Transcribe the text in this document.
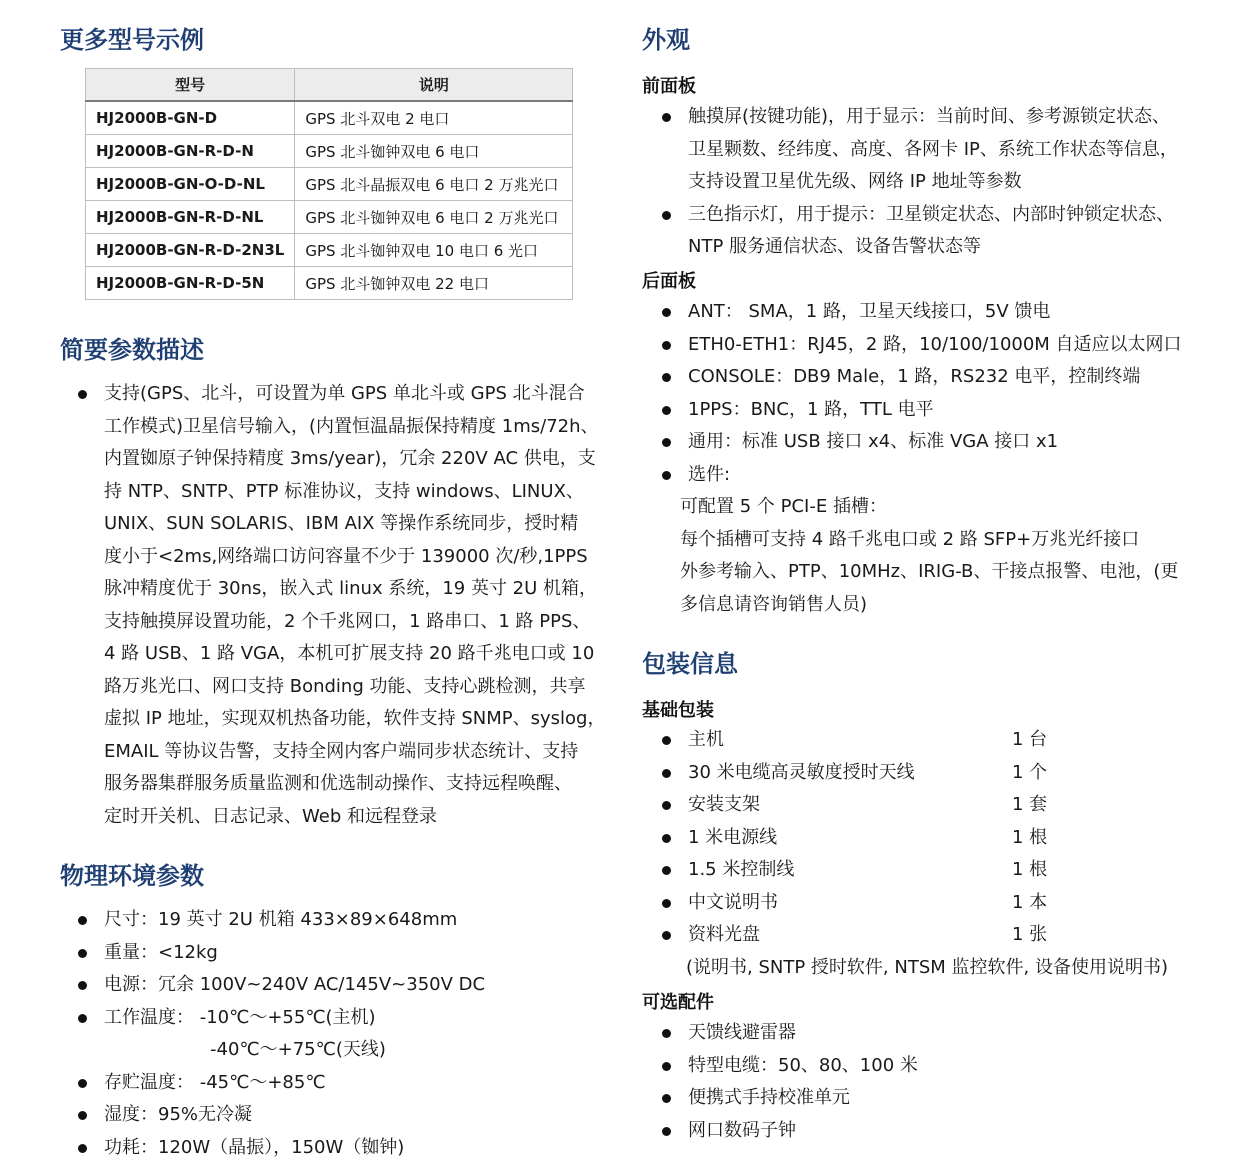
更多型号示例
型号	说明
HJ2000B-GN-D	GPS 北斗双电 2 电口
HJ2000B-GN-R-D-N	GPS 北斗铷钟双电 6 电口
HJ2000B-GN-O-D-NL	GPS 北斗晶振双电 6 电口 2 万兆光口
HJ2000B-GN-R-D-NL	GPS 北斗铷钟双电 6 电口 2 万兆光口
HJ2000B-GN-R-D-2N3L	GPS 北斗铷钟双电 10 电口 6 光口
HJ2000B-GN-R-D-5N	GPS 北斗铷钟双电 22 电口
简要参数描述
支持(GPS、北斗，可设置为单 GPS 单北斗或 GPS 北斗混合
工作模式)卫星信号输入，(内置恒温晶振保持精度 1ms/72h、
内置铷原子钟保持精度 3ms/year)，冗余 220V AC 供电，支
持 NTP、SNTP、PTP 标准协议，支持 windows、LINUX、
UNIX、SUN SOLARIS、IBM AIX 等操作系统同步，授时精
度小于<2ms,网络端口访问容量不少于 139000 次/秒,1PPS
脉冲精度优于 30ns，嵌入式 linux 系统，19 英寸 2U 机箱，
支持触摸屏设置功能，2 个千兆网口，1 路串口、1 路 PPS、
4 路 USB、1 路 VGA，本机可扩展支持 20 路千兆电口或 10
路万兆光口、网口支持 Bonding 功能、支持心跳检测，共享
虚拟 IP 地址，实现双机热备功能，软件支持 SNMP、syslog，
EMAIL 等协议告警，支持全网内客户端同步状态统计、支持
服务器集群服务质量监测和优选制动操作、支持远程唤醒、
定时开关机、日志记录、Web 和远程登录
物理环境参数
尺寸：19 英寸 2U 机箱 433×89×648mm
重量：<12kg
电源：冗余 100V~240V AC/145V~350V DC
工作温度： -10℃～+55℃(主机)
-40℃～+75℃(天线)
存贮温度： -45℃～+85℃
湿度：95%无冷凝
功耗：120W（晶振），150W（铷钟)
外观
前面板
触摸屏(按键功能)，用于显示：当前时间、参考源锁定状态、
卫星颗数、经纬度、高度、各网卡 IP、系统工作状态等信息，
支持设置卫星优先级、网络 IP 地址等参数
三色指示灯，用于提示：卫星锁定状态、内部时钟锁定状态、
NTP 服务通信状态、设备告警状态等
后面板
ANT： SMA，1 路，卫星天线接口，5V 馈电
ETH0-ETH1：RJ45，2 路，10/100/1000M 自适应以太网口
CONSOLE：DB9 Male，1 路，RS232 电平，控制终端
1PPS：BNC，1 路，TTL 电平
通用：标准 USB 接口 x4、标准 VGA 接口 x1
选件:
可配置 5 个 PCI-E 插槽：
每个插槽可支持 4 路千兆电口或 2 路 SFP+万兆光纤接口
外参考输入、PTP、10MHz、IRIG-B、干接点报警、电池，(更
多信息请咨询销售人员)
包装信息
基础包装
主机	1 台
30 米电缆高灵敏度授时天线	1 个
安装支架	1 套
1 米电源线	1 根
1.5 米控制线	1 根
中文说明书	1 本
资料光盘	1 张
(说明书, SNTP 授时软件, NTSM 监控软件, 设备使用说明书)
可选配件
天馈线避雷器
特型电缆：50、80、100 米
便携式手持校准单元
网口数码子钟
